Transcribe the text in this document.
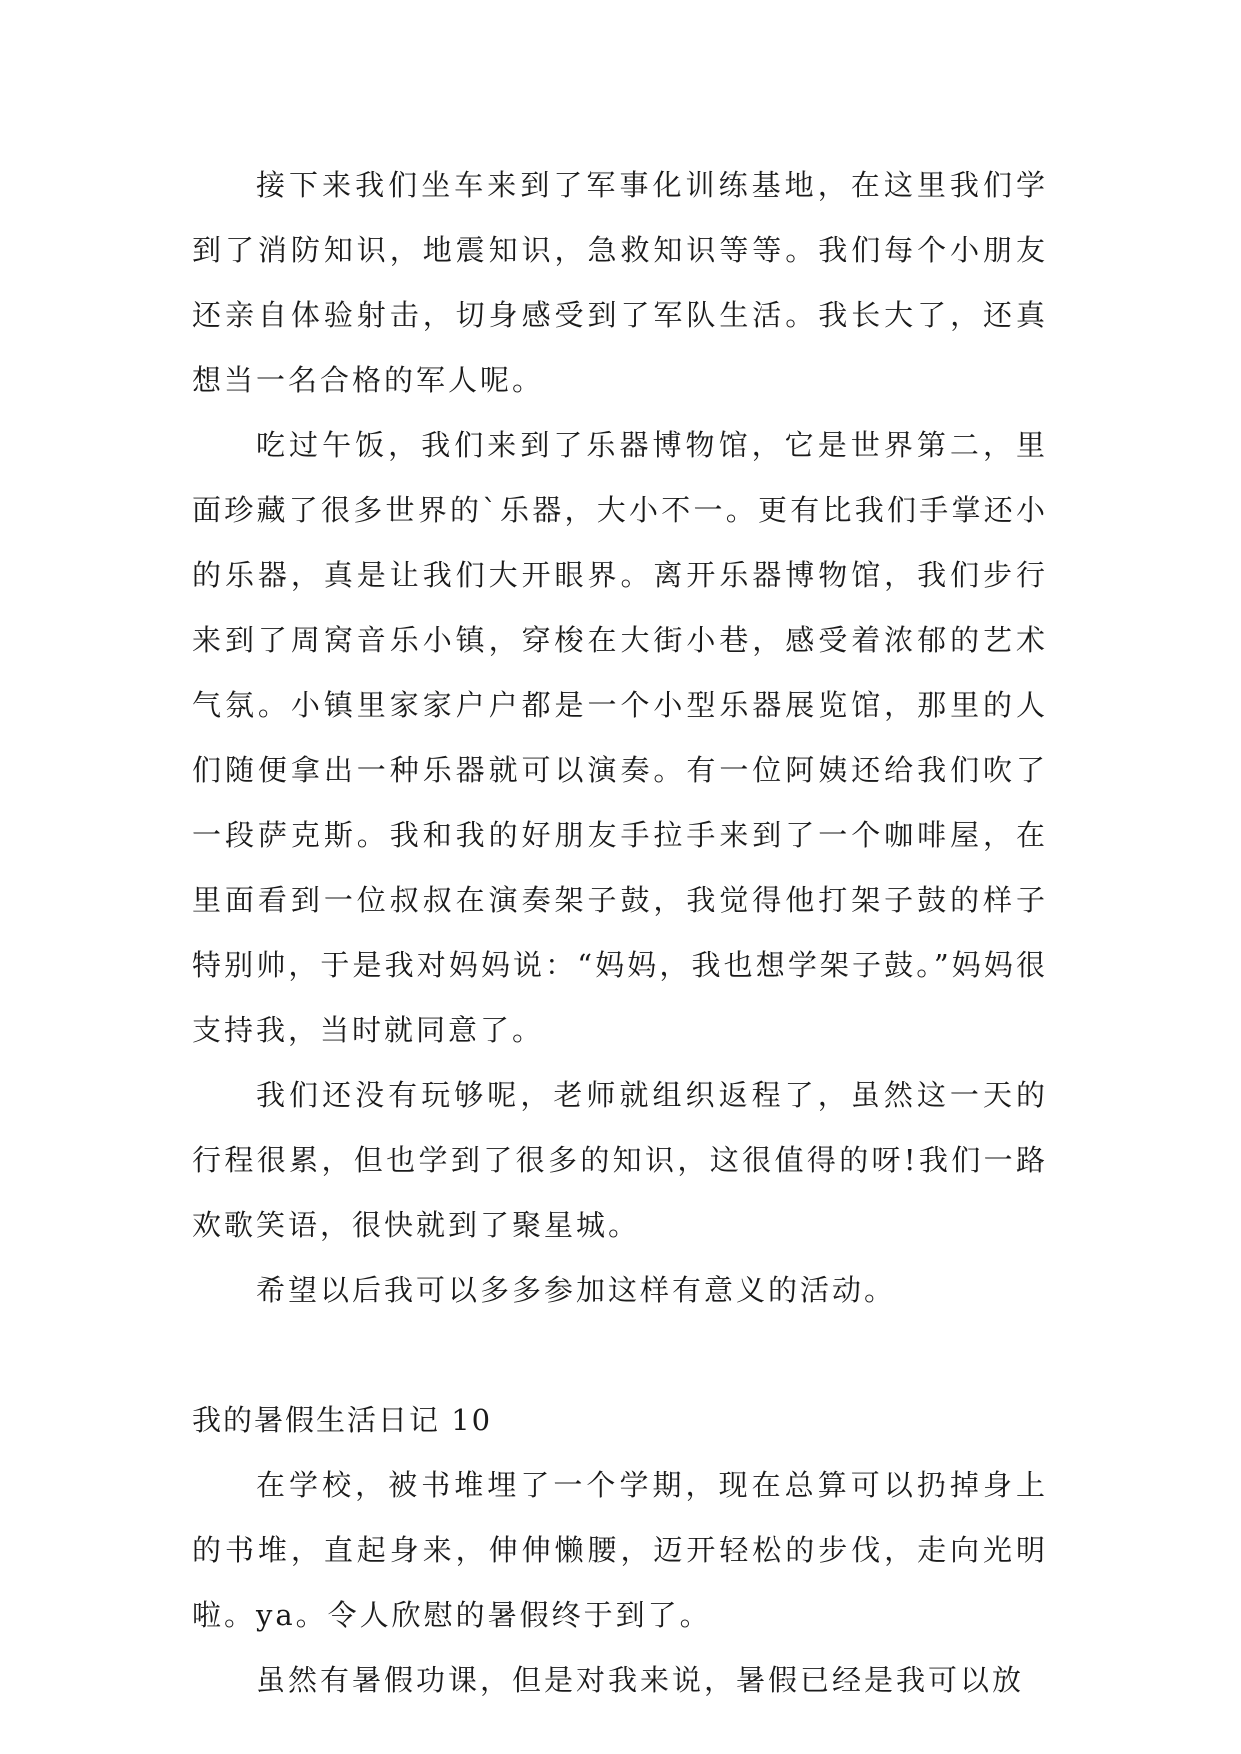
接下来我们坐车来到了军事化训练基地，在这里我们学到了消防知识，地震知识，急救知识等等。我们每个小朋友还亲自体验射击，切身感受到了军队生活。我长大了，还真想当一名合格的军人呢。

吃过午饭，我们来到了乐器博物馆，它是世界第二，里面珍藏了很多世界的`乐器，大小不一。更有比我们手掌还小的乐器，真是让我们大开眼界。离开乐器博物馆，我们步行来到了周窝音乐小镇，穿梭在大街小巷，感受着浓郁的艺术气氛。小镇里家家户户都是一个小型乐器展览馆，那里的人们随便拿出一种乐器就可以演奏。有一位阿姨还给我们吹了一段萨克斯。我和我的好朋友手拉手来到了一个咖啡屋，在里面看到一位叔叔在演奏架子鼓，我觉得他打架子鼓的样子特别帅，于是我对妈妈说：“妈妈，我也想学架子鼓。”妈妈很支持我，当时就同意了。

我们还没有玩够呢，老师就组织返程了，虽然这一天的行程很累，但也学到了很多的知识，这很值得的呀!我们一路欢歌笑语，很快就到了聚星城。

希望以后我可以多多参加这样有意义的活动。

我的暑假生活日记 10

在学校，被书堆埋了一个学期，现在总算可以扔掉身上的书堆，直起身来，伸伸懒腰，迈开轻松的步伐，走向光明啦。ya。令人欣慰的暑假终于到了。

虽然有暑假功课，但是对我来说，暑假已经是我可以放
